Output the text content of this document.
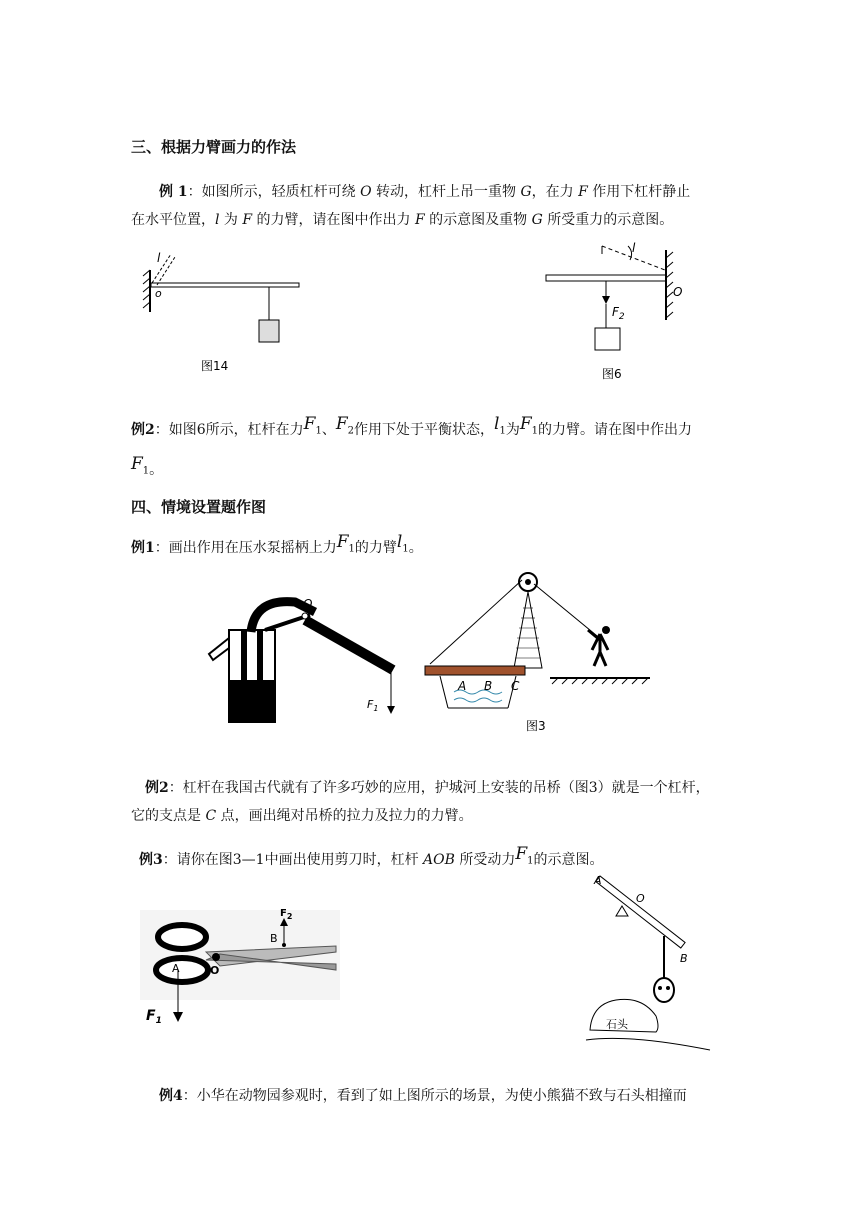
三、根据力臂画力的作法
例 1：如图所示，轻质杠杆可绕 O 转动，杠杆上吊一重物 G，在力 F 作用下杠杆静止
在水平位置，l 为 F 的力臂，请在图中作出力 F 的示意图及重物 G 所受重力的示意图。
l
o
图14
l
$F_2$
O
图6
例2：如图6所示，杠杆在力$F_1$、$F_2$作用下处于平衡状态，$l_1$为$F_1$的力臂。请在图中作出力
$F_1$。
四、情境设置题作图
例1：画出作用在压水泵摇柄上力$F_1$的力臂$l_1$。
O
$F_1$
A B C
图3
例2：杠杆在我国古代就有了许多巧妙的应用，护城河上安装的吊桥（图3）就是一个杠杆，
它的支点是 C 点，画出绳对吊桥的拉力及拉力的力臂。
例3：请你在图3—1中画出使用剪刀时，杠杆 AOB 所受动力$F_1$的示意图。
O
B
$F_2$
A
$F_1$
A
O
B
石头
例4：小华在动物园参观时，看到了如上图所示的场景，为使小熊猫不致与石头相撞而
